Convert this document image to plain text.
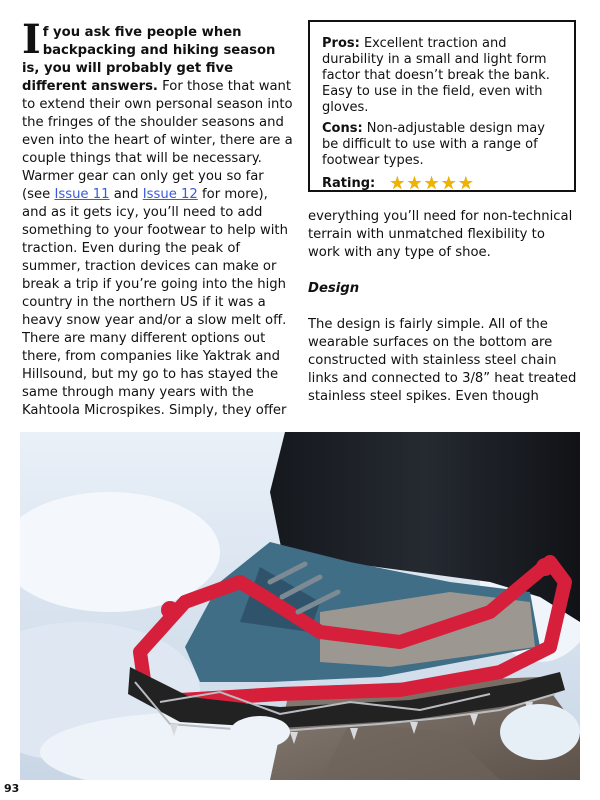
If you ask five people when backpacking and hiking season is, you will probably get five different answers. For those that want to extend their own personal season into the fringes of the shoulder seasons and even into the heart of winter, there are a couple things that will be necessary. Warmer gear can only get you so far (see Issue 11 and Issue 12 for more), and as it gets icy, you’ll need to add something to your footwear to help with traction. Even during the peak of summer, traction devices can make or break a trip if you’re going into the high country in the northern US if it was a heavy snow year and/or a slow melt off. There are many different options out there, from companies like Yaktrak and Hillsound, but my go to has stayed the same through many years with the Kahtoola Microspikes. Simply, they offer

Pros: Excellent traction and durability in a small and light form factor that doesn’t break the bank. Easy to use in the field, even with gloves.

Cons: Non-adjustable design may be difficult to use with a range of footwear types.

Rating: ★ ★ ★ ★ ★

everything you’ll need for non-technical terrain with unmatched flexibility to work with any type of shoe.

Design

The design is fairly simple. All of the wearable surfaces on the bottom are constructed with stainless steel chain links and connected to 3/8” heat treated stainless steel spikes. Even though

93
